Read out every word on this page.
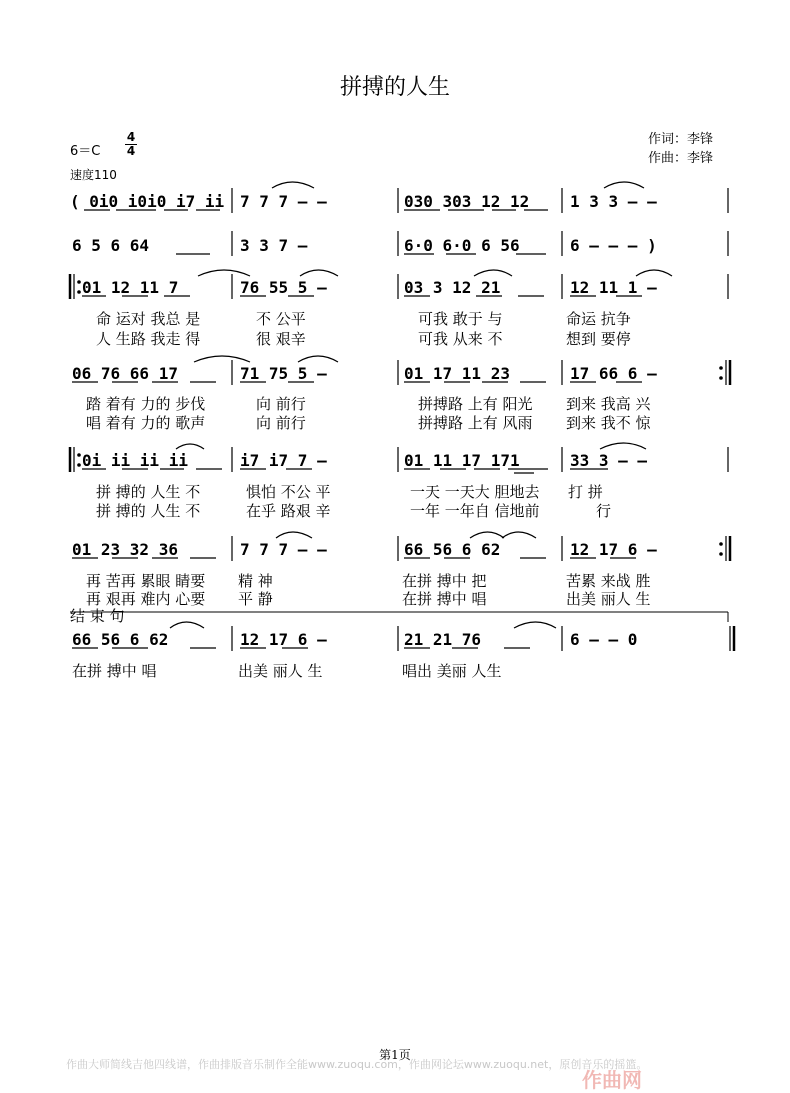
拼搏的人生
作词：李锋
作曲：李锋
6＝C
4
4
速度110
( 0i0 i0i0 i7 ii 7 7 7 – –	030 303 12 12	1 3 3 – –
6 5 6 64	3 3 7 –	6·0 6·0 6 56	6 – – – )
01 12 11 7	76 55 5 –	03 3 12 21	12 11 1 –
命 运对 我总 是	不 公平	可我 敢于 与	命运 抗争
人 生路 我走 得	很 艰辛	可我 从来 不	想到 要停
06 76 66 17	71 75 5 –	01 17 11 23	17 66 6 –
踏 着有 力的 步伐	向 前行	拼搏路 上有 阳光 到来 我高 兴
唱 着有 力的 歌声	向 前行	拼搏路 上有 风雨 到来 我不 惊
0i ii ii ii	i7 i7 7 –	01 11 17 171	33 3 – –
拼 搏的 人生 不	惧怕 不公 平	一天 一天大 胆地去 打 拼
拼 搏的 人生 不	在乎 路艰 辛	一年 一年自 信地前	行
01 23 32 36	7 7 7 – –	66 56 6 62	12 17 6 –
再 苦再 累眼 睛要 精 神	在拼 搏中 把	苦累 来战 胜
再 艰再 难内 心要 平 静	在拼 搏中 唱	出美 丽人 生
结 束 句
66 56 6 62	12 17 6 –	21 21 76	6 – – 0
在拼 搏中 唱	出美 丽人 生	唱出 美丽 人生
第1页
作曲大师简线吉他四线谱，作曲排版音乐制作全能www.zuoqu.com，作曲网论坛www.zuoqu.net，原创音乐的摇篮。
作曲网
